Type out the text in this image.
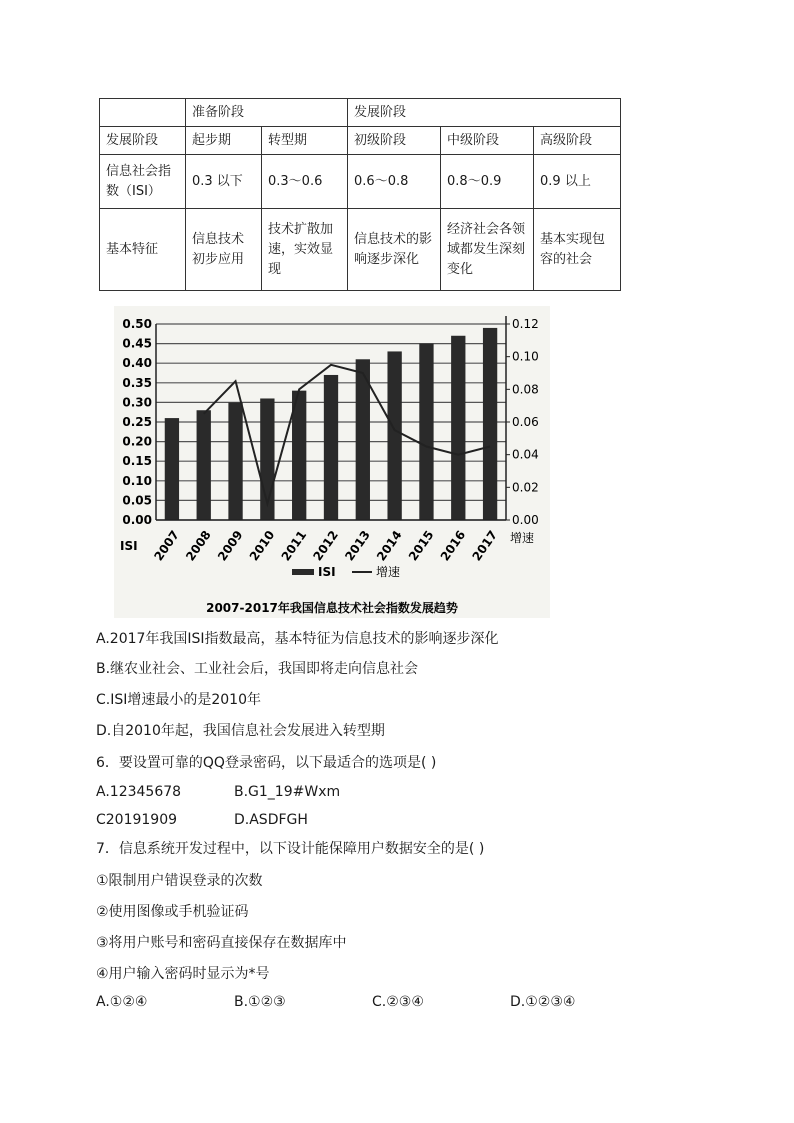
	准备阶段		发展阶段		
发展阶段	起步期	转型期	初级阶段	中级阶段	高级阶段
信息社会指数（ISI）	0.3 以下	0.3～0.6	0.6～0.8	0.8～0.9	0.9 以上
基本特征	信息技术初步应用	技术扩散加速，实效显现	信息技术的影响逐步深化	经济社会各领域都发生深刻变化	基本实现包容的社会
0.00
0.05
0.10
0.15
0.20
0.25
0.30
0.35
0.40
0.45
0.50
0.00
0.02
0.04
0.06
0.08
0.10
0.12
2007 2008 2009 2010 2011 2012 2013 2014 2015 2016 2017
ISI
增速
ISI	增速
2007-2017年我国信息技术社会指数发展趋势
A.2017年我国ISI指数最高，基本特征为信息技术的影响逐步深化
B.继农业社会、工业社会后，我国即将走向信息社会
C.ISI增速最小的是2010年
D.自2010年起，我国信息社会发展进入转型期
6．要设置可靠的QQ登录密码，以下最适合的选项是( )
A.12345678	B.G1_19#Wxm
C20191909	D.ASDFGH
7．信息系统开发过程中，以下设计能保障用户数据安全的是( )
①限制用户错误登录的次数
②使用图像或手机验证码
③将用户账号和密码直接保存在数据库中
④用户输入密码时显示为*号
A.①②④	B.①②③	C.②③④	D.①②③④
